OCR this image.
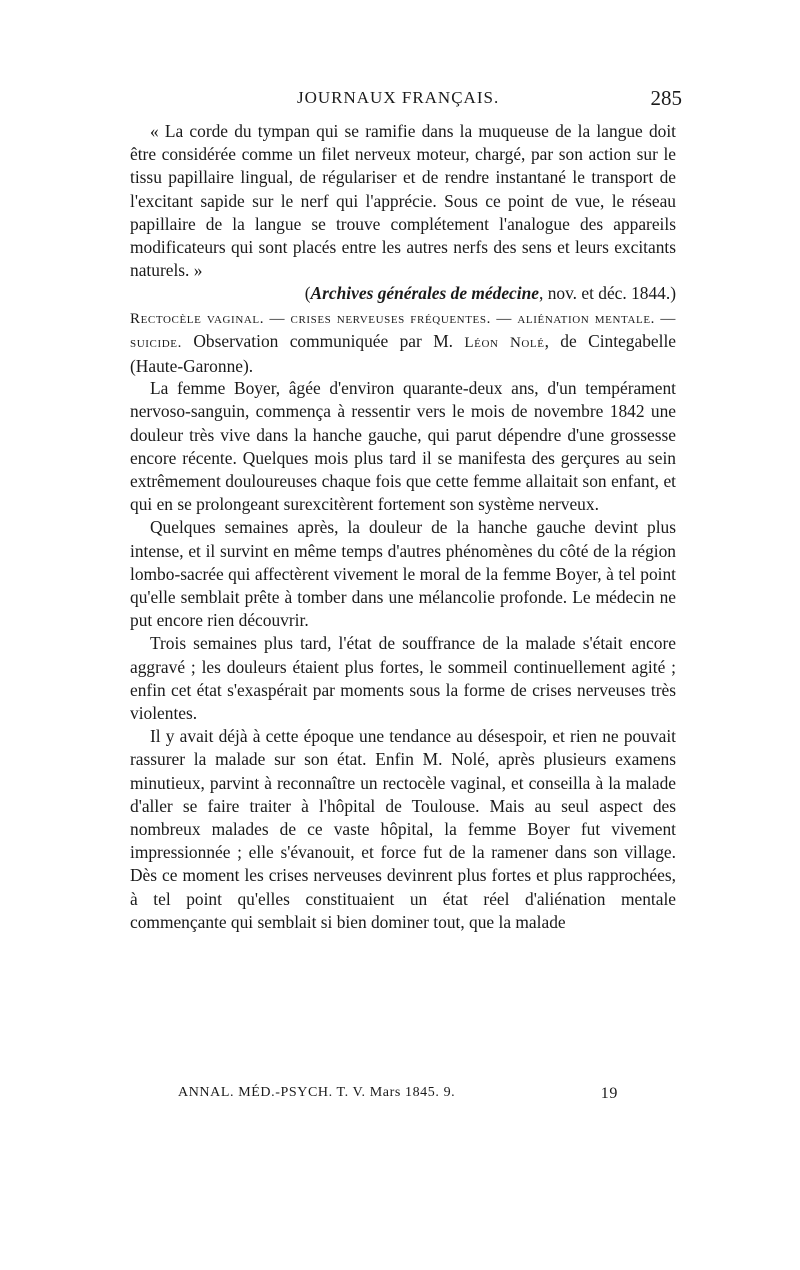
JOURNAUX FRANÇAIS.	285

« La corde du tympan qui se ramifie dans la muqueuse de la langue doit être considérée comme un filet nerveux moteur, chargé, par son action sur le tissu papillaire lingual, de régulariser et de rendre instantané le transport de l'excitant sapide sur le nerf qui l'apprécie. Sous ce point de vue, le réseau papillaire de la langue se trouve complétement l'analogue des appareils modificateurs qui sont placés entre les autres nerfs des sens et leurs excitants naturels. »

(Archives générales de médecine, nov. et déc. 1844.)

Rectocèle vaginal. — crises nerveuses fréquentes. — aliénation mentale. — suicide. Observation communiquée par M. Léon Nolé, de Cintegabelle (Haute-Garonne).

La femme Boyer, âgée d'environ quarante-deux ans, d'un tempérament nervoso-sanguin, commença à ressentir vers le mois de novembre 1842 une douleur très vive dans la hanche gauche, qui parut dépendre d'une grossesse encore récente. Quelques mois plus tard il se manifesta des gerçures au sein extrêmement douloureuses chaque fois que cette femme allaitait son enfant, et qui en se prolongeant surexcitèrent fortement son système nerveux.

Quelques semaines après, la douleur de la hanche gauche devint plus intense, et il survint en même temps d'autres phénomènes du côté de la région lombo-sacrée qui affectèrent vivement le moral de la femme Boyer, à tel point qu'elle semblait prête à tomber dans une mélancolie profonde. Le médecin ne put encore rien découvrir.

Trois semaines plus tard, l'état de souffrance de la malade s'était encore aggravé ; les douleurs étaient plus fortes, le sommeil continuellement agité ; enfin cet état s'exaspérait par moments sous la forme de crises nerveuses très violentes.

Il y avait déjà à cette époque une tendance au désespoir, et rien ne pouvait rassurer la malade sur son état. Enfin M. Nolé, après plusieurs examens minutieux, parvint à reconnaître un rectocèle vaginal, et conseilla à la malade d'aller se faire traiter à l'hôpital de Toulouse. Mais au seul aspect des nombreux malades de ce vaste hôpital, la femme Boyer fut vivement impressionnée ; elle s'évanouit, et force fut de la ramener dans son village. Dès ce moment les crises nerveuses devinrent plus fortes et plus rapprochées, à tel point qu'elles constituaient un état réel d'aliénation mentale commençante qui semblait si bien dominer tout, que la malade

ANNAL. MÉD.-PSYCH. T. V. Mars 1845. 9.	19
